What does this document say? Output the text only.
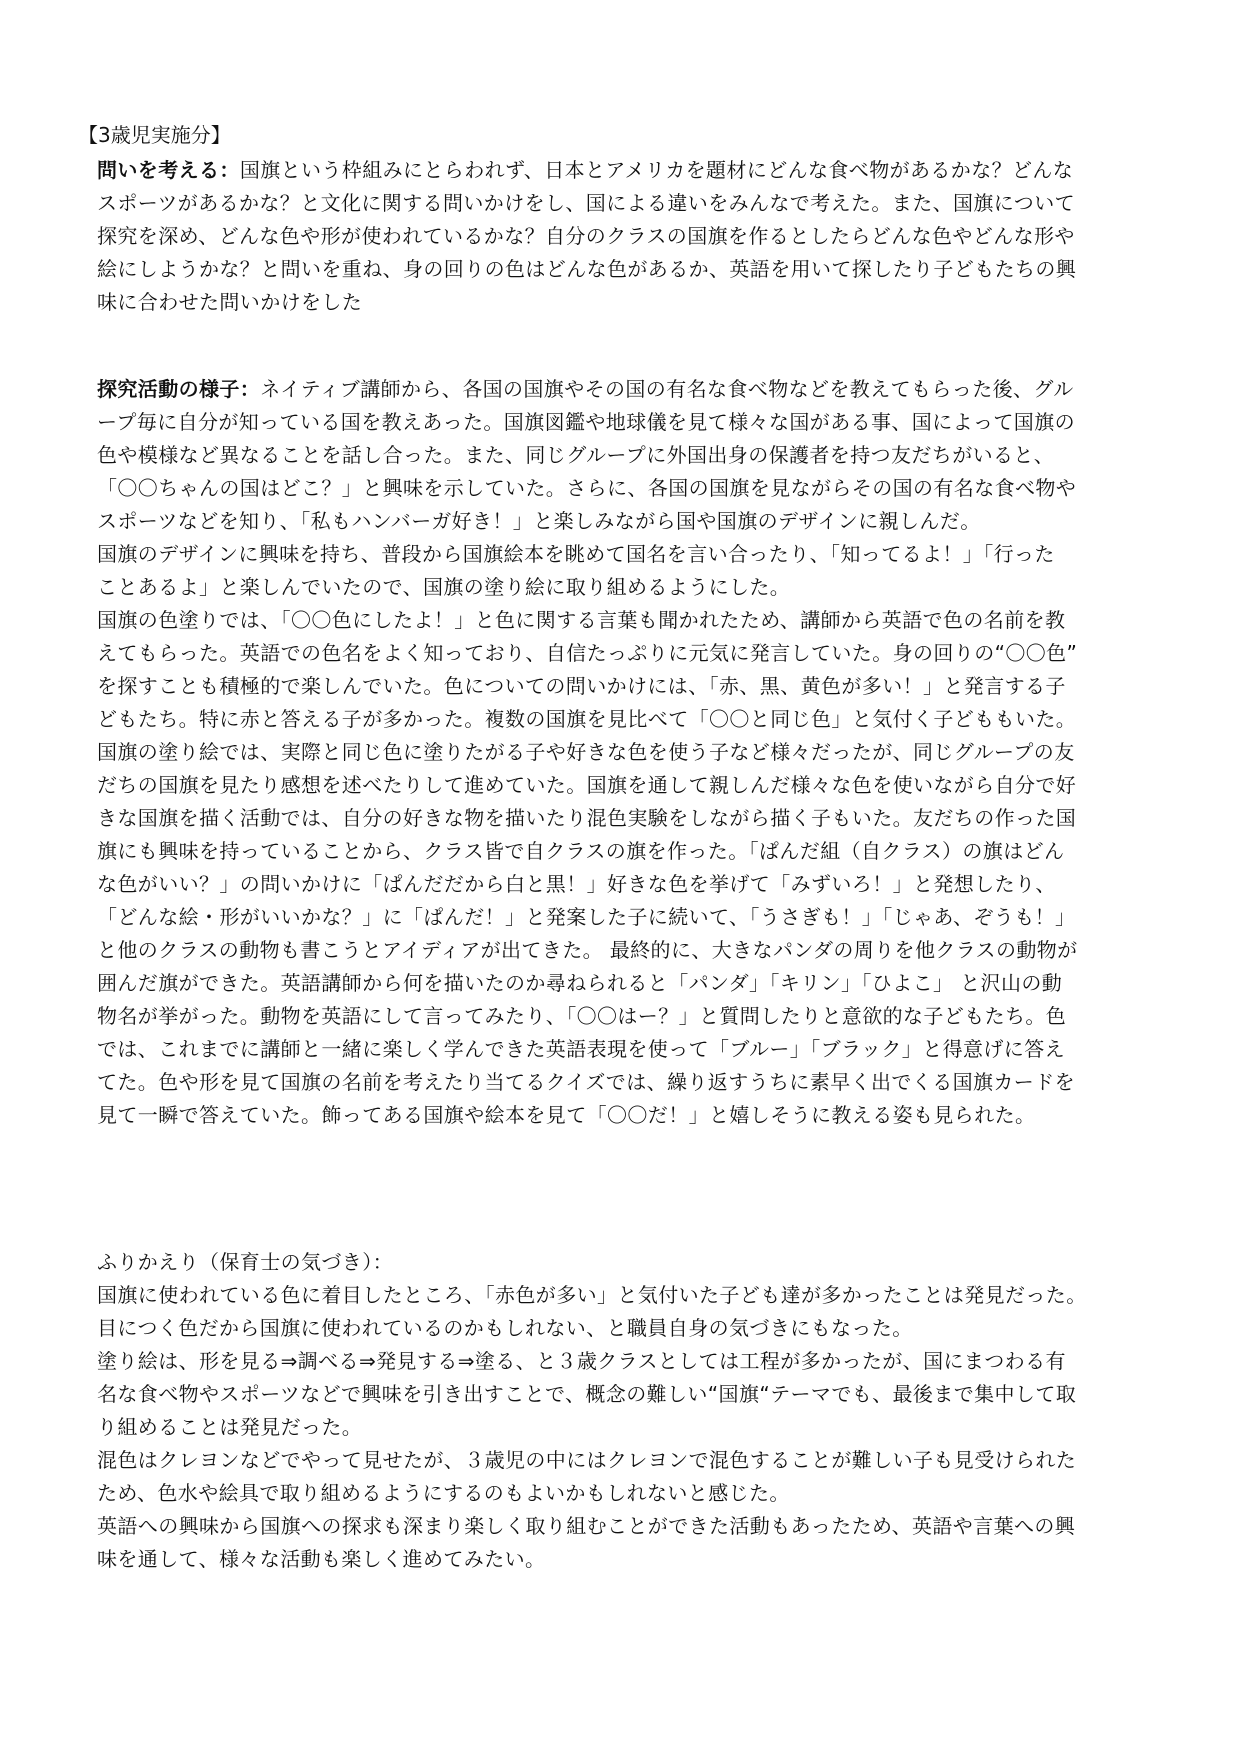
【3歳児実施分】
問いを考える：国旗という枠組みにとらわれず、日本とアメリカを題材にどんな食べ物があるかな？どんな
スポーツがあるかな？と文化に関する問いかけをし、国による違いをみんなで考えた。また、国旗について
探究を深め、どんな色や形が使われているかな？自分のクラスの国旗を作るとしたらどんな色やどんな形や
絵にしようかな？と問いを重ね、身の回りの色はどんな色があるか、英語を用いて探したり子どもたちの興
味に合わせた問いかけをした
探究活動の様子：ネイティブ講師から、各国の国旗やその国の有名な食べ物などを教えてもらった後、グル
ープ毎に自分が知っている国を教えあった。国旗図鑑や地球儀を見て様々な国がある事、国によって国旗の
色や模様など異なることを話し合った。また、同じグループに外国出身の保護者を持つ友だちがいると、
「〇〇ちゃんの国はどこ？」と興味を示していた。さらに、各国の国旗を見ながらその国の有名な食べ物や
スポーツなどを知り、「私もハンバーガ好き！」と楽しみながら国や国旗のデザインに親しんだ。
国旗のデザインに興味を持ち、普段から国旗絵本を眺めて国名を言い合ったり、「知ってるよ！」「行った
ことあるよ」と楽しんでいたので、国旗の塗り絵に取り組めるようにした。
国旗の色塗りでは、「〇〇色にしたよ！」と色に関する言葉も聞かれたため、講師から英語で色の名前を教
えてもらった。英語での色名をよく知っており、自信たっぷりに元気に発言していた。身の回りの“〇〇色”
を探すことも積極的で楽しんでいた。色についての問いかけには、「赤、黒、黄色が多い！」と発言する子
どもたち。特に赤と答える子が多かった。複数の国旗を見比べて「〇〇と同じ色」と気付く子どももいた。
国旗の塗り絵では、実際と同じ色に塗りたがる子や好きな色を使う子など様々だったが、同じグループの友
だちの国旗を見たり感想を述べたりして進めていた。国旗を通して親しんだ様々な色を使いながら自分で好
きな国旗を描く活動では、自分の好きな物を描いたり混色実験をしながら描く子もいた。友だちの作った国
旗にも興味を持っていることから、クラス皆で自クラスの旗を作った。「ぱんだ組（自クラス）の旗はどん
な色がいい？」の問いかけに「ぱんだだから白と黒！」好きな色を挙げて「みずいろ！」と発想したり、
「どんな絵・形がいいかな？」に「ぱんだ！」と発案した子に続いて、「うさぎも！」「じゃあ、ぞうも！」
と他のクラスの動物も書こうとアイディアが出てきた。 最終的に、大きなパンダの周りを他クラスの動物が
囲んだ旗ができた。英語講師から何を描いたのか尋ねられると「パンダ」「キリン」「ひよこ」 と沢山の動
物名が挙がった。動物を英語にして言ってみたり、「〇〇はー？」と質問したりと意欲的な子どもたち。色
では、これまでに講師と一緒に楽しく学んできた英語表現を使って「ブルー」「ブラック」と得意げに答え
てた。色や形を見て国旗の名前を考えたり当てるクイズでは、繰り返すうちに素早く出でくる国旗カードを
見て一瞬で答えていた。飾ってある国旗や絵本を見て「〇〇だ！」と嬉しそうに教える姿も見られた。
ふりかえり（保育士の気づき）：
国旗に使われている色に着目したところ、「赤色が多い」と気付いた子ども達が多かったことは発見だった。
目につく色だから国旗に使われているのかもしれない、と職員自身の気づきにもなった。
塗り絵は、形を見る⇒調べる⇒発見する⇒塗る、と３歳クラスとしては工程が多かったが、国にまつわる有
名な食べ物やスポーツなどで興味を引き出すことで、概念の難しい“国旗“テーマでも、最後まで集中して取
り組めることは発見だった。
混色はクレヨンなどでやって見せたが、３歳児の中にはクレヨンで混色することが難しい子も見受けられた
ため、色水や絵具で取り組めるようにするのもよいかもしれないと感じた。
英語への興味から国旗への探求も深まり楽しく取り組むことができた活動もあったため、英語や言葉への興
味を通して、様々な活動も楽しく進めてみたい。
